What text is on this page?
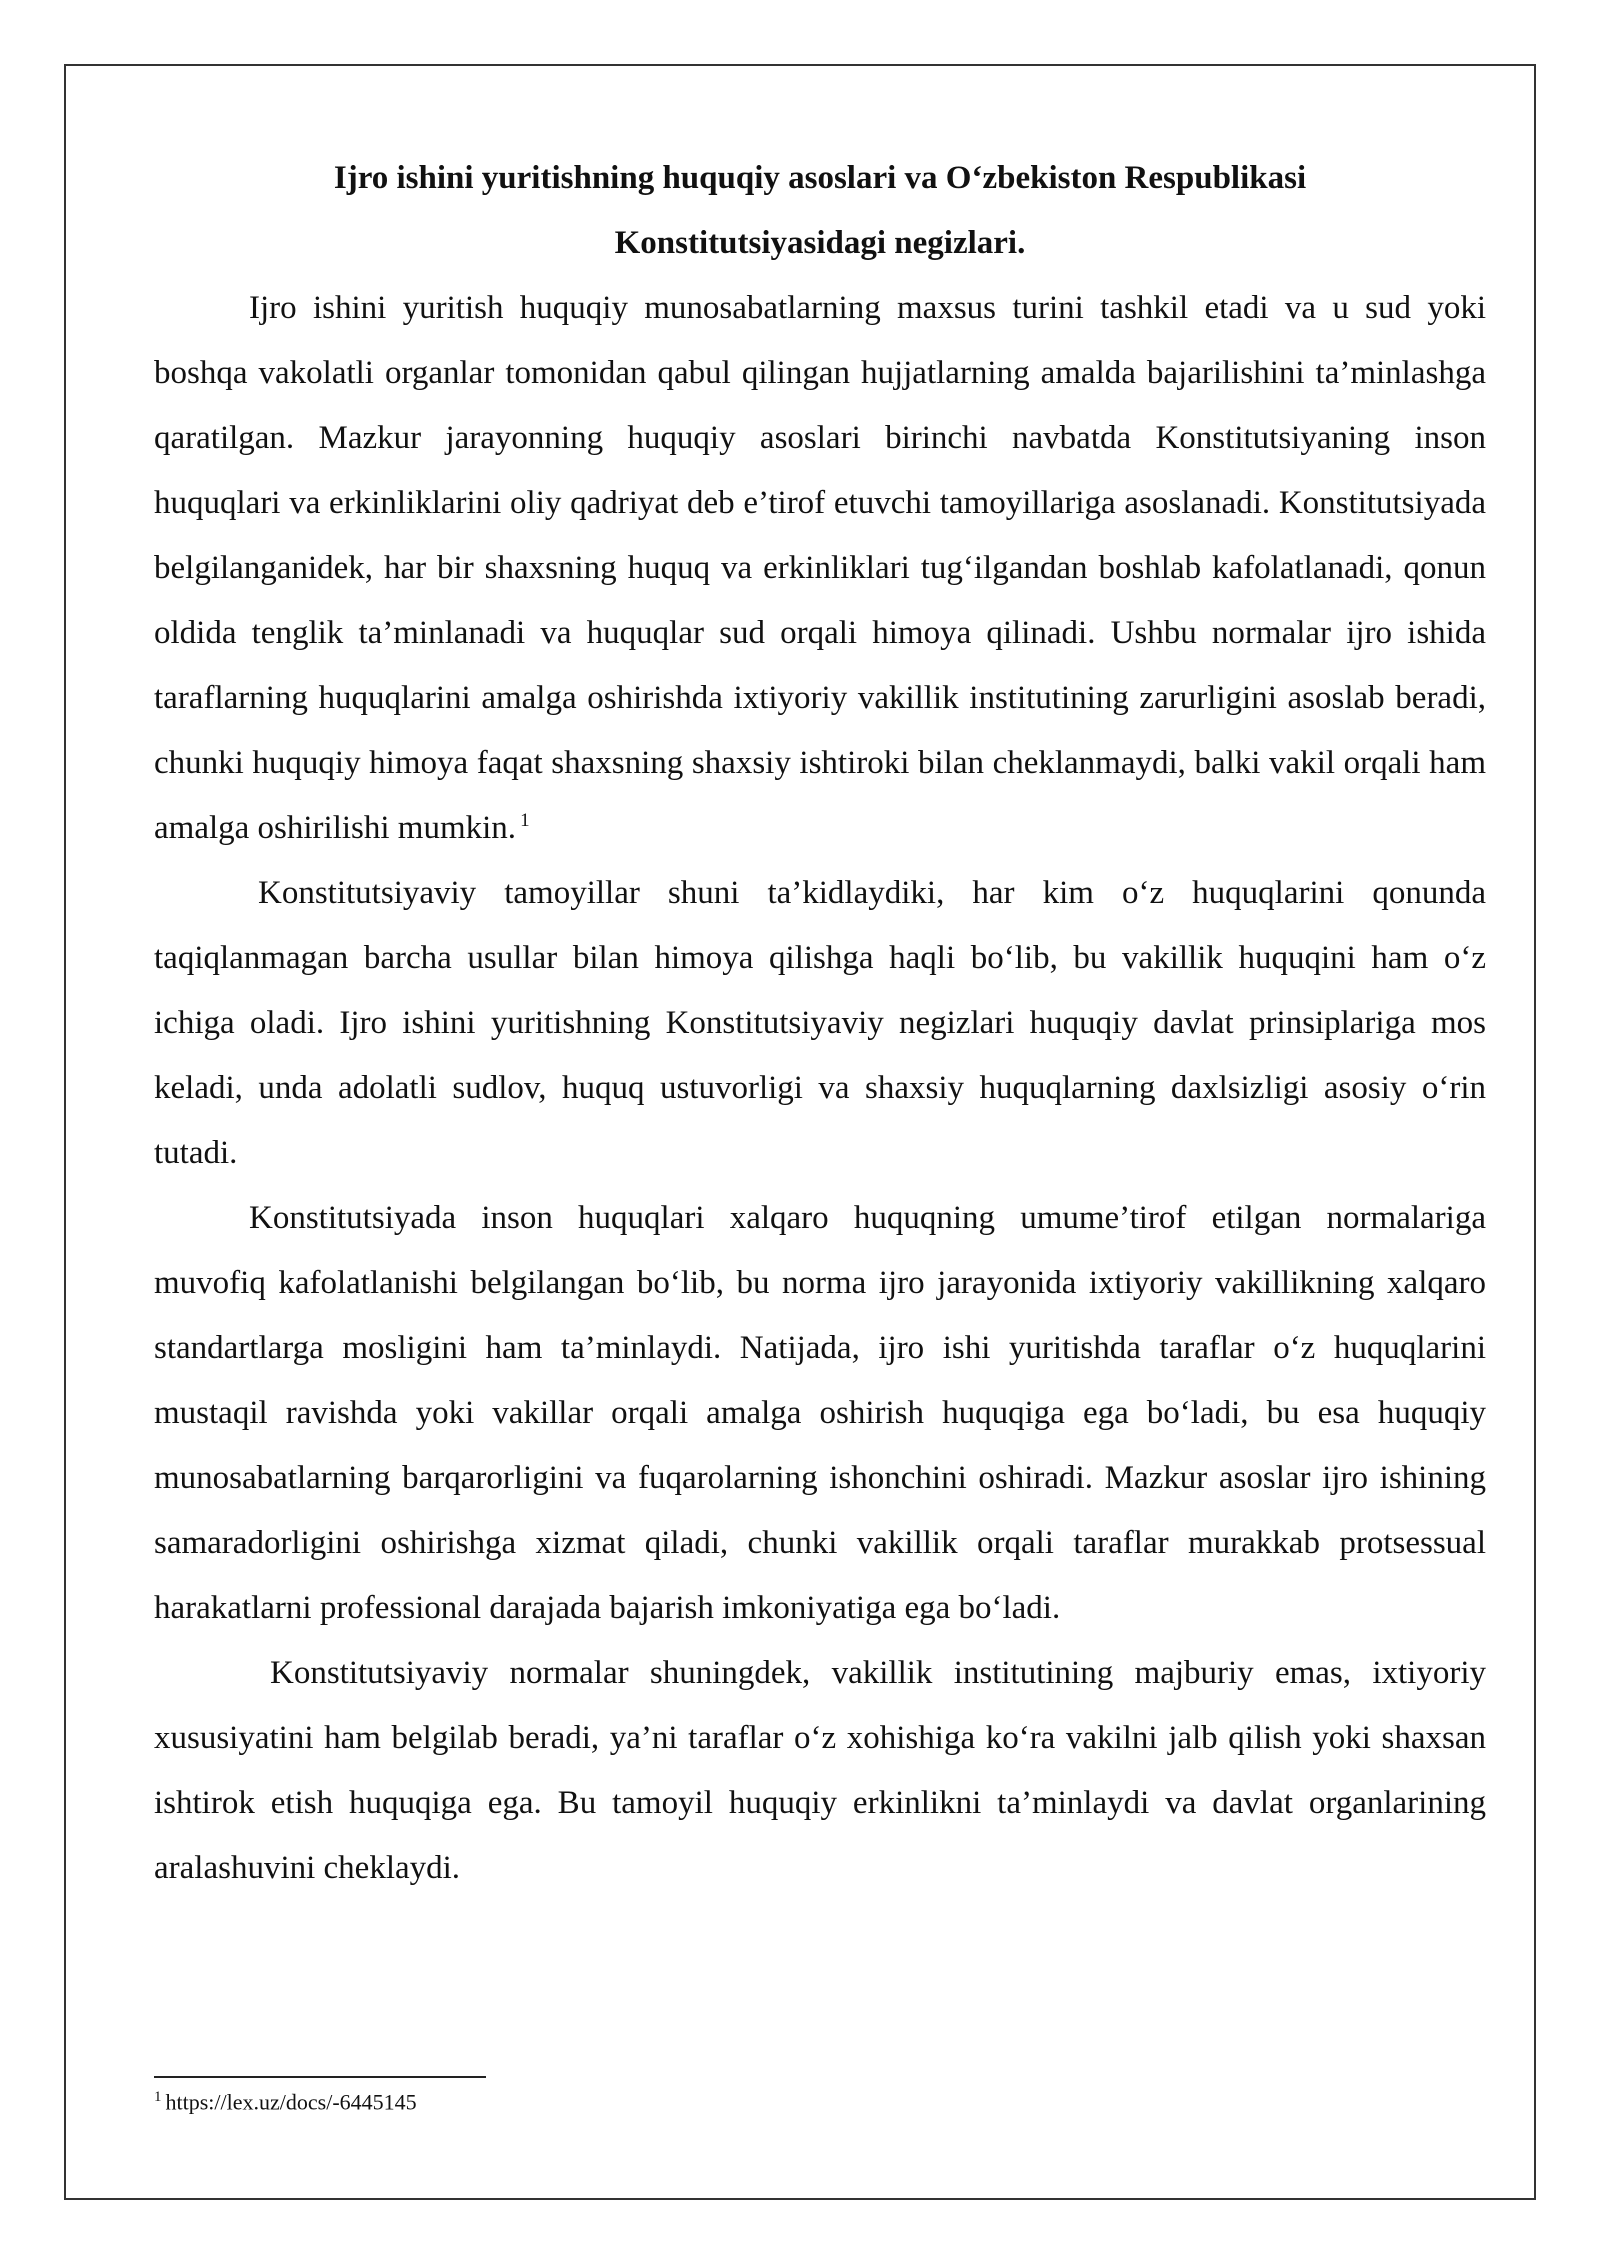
Ijro ishini yuritishning huquqiy asoslari va O‘zbekiston Respublikasi
Konstitutsiyasidagi negizlari.

Ijro ishini yuritish huquqiy munosabatlarning maxsus turini tashkil etadi va u sud yoki boshqa vakolatli organlar tomonidan qabul qilingan hujjatlarning amalda bajarilishini ta’minlashga qaratilgan. Mazkur jarayonning huquqiy asoslari birinchi navbatda Konstitutsiyaning inson huquqlari va erkinliklarini oliy qadriyat deb e’tirof etuvchi tamoyillariga asoslanadi. Konstitutsiyada belgilanganidek, har bir shaxsning huquq va erkinliklari tug‘ilgandan boshlab kafolatlanadi, qonun oldida tenglik ta’minlanadi va huquqlar sud orqali himoya qilinadi. Ushbu normalar ijro ishida taraflarning huquqlarini amalga oshirishda ixtiyoriy vakillik institutining zarurligini asoslab beradi, chunki huquqiy himoya faqat shaxsning shaxsiy ishtiroki bilan cheklanmaydi, balki vakil orqali ham amalga oshirilishi mumkin. $^1$

Konstitutsiyaviy tamoyillar shuni ta’kidlaydiki, har kim o‘z huquqlarini qonunda taqiqlanmagan barcha usullar bilan himoya qilishga haqli bo‘lib, bu vakillik huquqini ham o‘z ichiga oladi. Ijro ishini yuritishning Konstitutsiyaviy negizlari huquqiy davlat prinsiplariga mos keladi, unda adolatli sudlov, huquq ustuvorligi va shaxsiy huquqlarning daxlsizligi asosiy o‘rin tutadi.

Konstitutsiyada inson huquqlari xalqaro huquqning umume’tirof etilgan normalariga muvofiq kafolatlanishi belgilangan bo‘lib, bu norma ijro jarayonida ixtiyoriy vakillikning xalqaro standartlarga mosligini ham ta’minlaydi. Natijada, ijro ishi yuritishda taraflar o‘z huquqlarini mustaqil ravishda yoki vakillar orqali amalga oshirish huquqiga ega bo‘ladi, bu esa huquqiy munosabatlarning barqarorligini va fuqarolarning ishonchini oshiradi. Mazkur asoslar ijro ishining samaradorligini oshirishga xizmat qiladi, chunki vakillik orqali taraflar murakkab protsessual harakatlarni professional darajada bajarish imkoniyatiga ega bo‘ladi.

Konstitutsiyaviy normalar shuningdek, vakillik institutining majburiy emas, ixtiyoriy xususiyatini ham belgilab beradi, ya’ni taraflar o‘z xohishiga ko‘ra vakilni jalb qilish yoki shaxsan ishtirok etish huquqiga ega. Bu tamoyil huquqiy erkinlikni ta’minlaydi va davlat organlarining aralashuvini cheklaydi.

$^1$ https://lex.uz/docs/-6445145
